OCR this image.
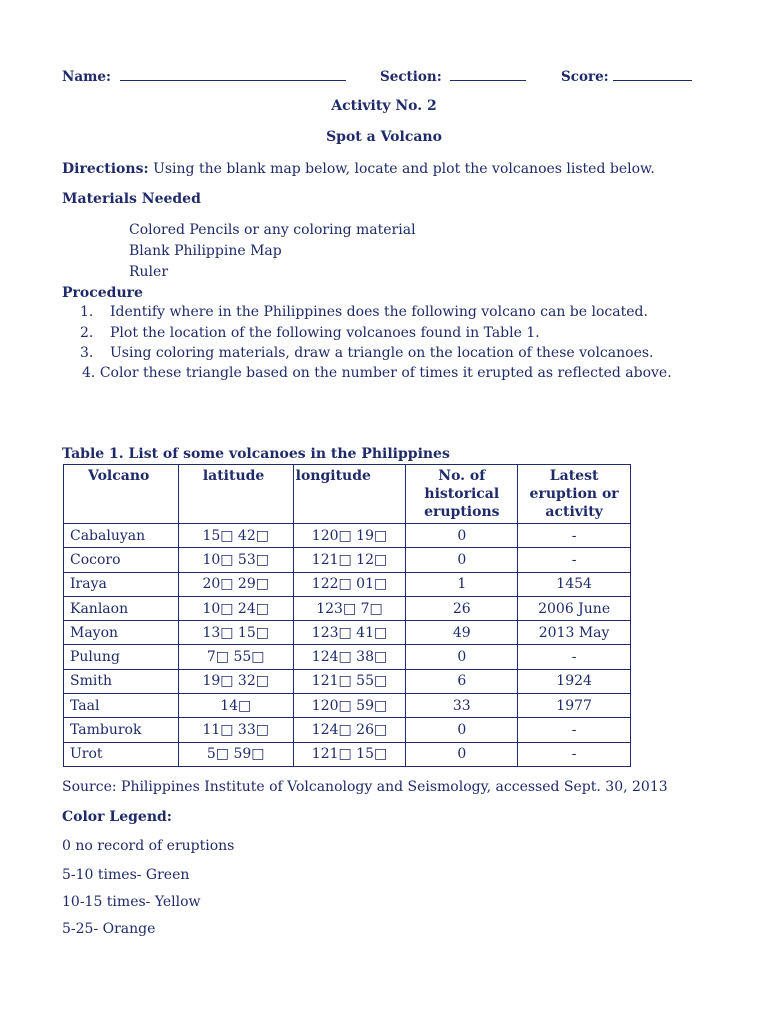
Name:	Section:	Score:
Activity No. 2
Spot a Volcano
Directions: Using the blank map below, locate and plot the volcanoes listed below.
Materials Needed
Colored Pencils or any coloring material
Blank Philippine Map
Ruler
Procedure
1.	Identify where in the Philippines does the following volcano can be located.
2.	Plot the location of the following volcanoes found in Table 1.
3.	Using coloring materials, draw a triangle on the location of these volcanoes.
4. Color these triangle based on the number of times it erupted as reflected above.
Table 1. List of some volcanoes in the Philippines
Volcano	latitude	longitude	No. of historical eruptions	Latest eruption or activity
Cabaluyan	15□ 42□	120□ 19□	0	-
Cocoro	10□ 53□	121□ 12□	0	-
Iraya	20□ 29□	122□ 01□	1	1454
Kanlaon	10□ 24□	123□ 7□	26	2006 June
Mayon	13□ 15□	123□ 41□	49	2013 May
Pulung	7□ 55□	124□ 38□	0	-
Smith	19□ 32□	121□ 55□	6	1924
Taal	14□	120□ 59□	33	1977
Tamburok	11□ 33□	124□ 26□	0	-
Urot	5□ 59□	121□ 15□	0	-
Source: Philippines Institute of Volcanology and Seismology, accessed Sept. 30, 2013
Color Legend:
0 no record of eruptions
5-10 times- Green
10-15 times- Yellow
5-25- Orange
